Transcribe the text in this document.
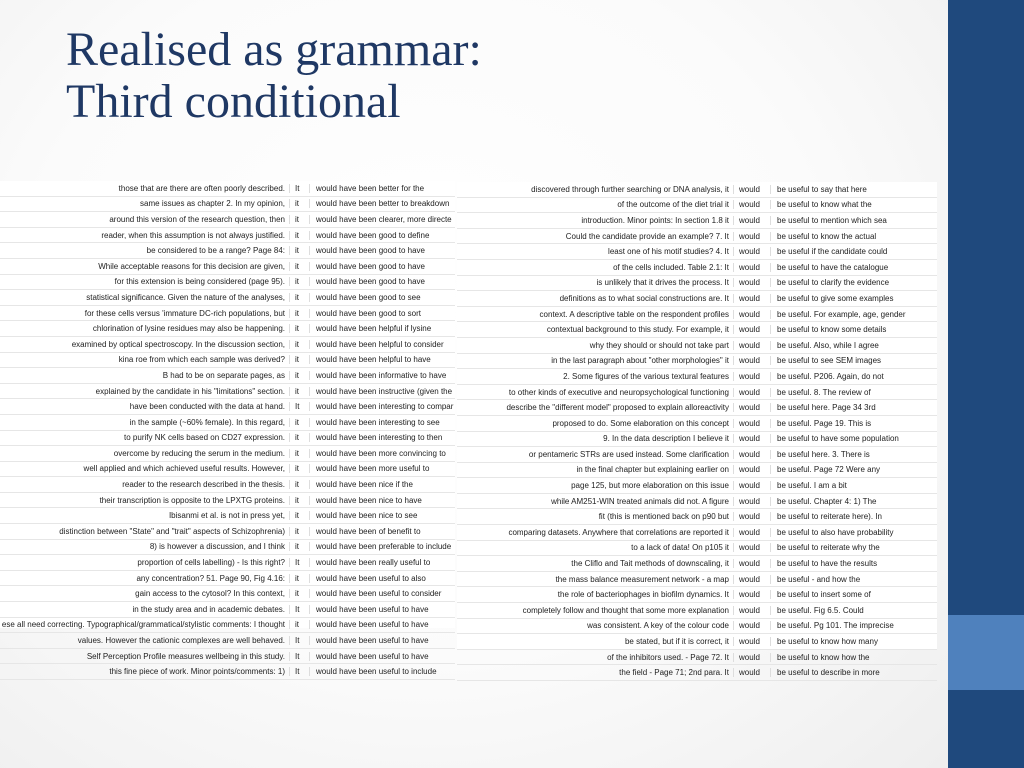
Realised as grammar:
Third conditional
those that are there are often poorly described.	It	would have been better for the
same issues as chapter 2. In my opinion,	it	would have been better to breakdown
around this version of the research question, then	it	would have been clearer, more directe
reader, when this assumption is not always justified.	it	would have been good to define
be considered to be a range? Page 84:	it	would have been good to have
While acceptable reasons for this decision are given,	it	would have been good to have
for this extension is being considered (page 95).	it	would have been good to have
statistical significance. Given the nature of the analyses,	it	would have been good to see
for these cells versus 'immature DC-rich populations, but	it	would have been good to sort
chlorination of lysine residues may also be happening.	it	would have been helpful if lysine
examined by optical spectroscopy. In the discussion section,	it	would have been helpful to consider
kina roe from which each sample was derived?	it	would have been helpful to have
B had to be on separate pages, as	it	would have been informative to have
explained by the candidate in his "limitations" section.	it	would have been instructive (given the
have been conducted with the data at hand.	It	would have been interesting to compar
in the sample (~60% female). In this regard,	it	would have been interesting to see
to purify NK cells based on CD27 expression.	it	would have been interesting to then
overcome by reducing the serum in the medium.	it	would have been more convincing to
well applied and which achieved useful results. However,	it	would have been more useful to
reader to the research described in the thesis.	it	would have been nice if the
their transcription is opposite to the LPXTG proteins.	it	would have been nice to have
Ibisanmi et al. is not in press yet,	it	would have been nice to see
distinction between "State" and "trait" aspects of Schizophrenia)	it	would have been of benefit to
8) is however a discussion, and I think	it	would have been preferable to include
proportion of cells labelling) - Is this right?	It	would have been really useful to
any concentration? 51. Page 90, Fig 4.16:	it	would have been useful to also
gain access to the cytosol? In this context,	it	would have been useful to consider
in the study area and in academic debates.	It	would have been useful to have
ese all need correcting. Typographical/grammatical/stylistic comments: I thought	it	would have been useful to have
values. However the cationic complexes are well behaved.	It	would have been useful to have
Self Perception Profile measures wellbeing in this study.	It	would have been useful to have
this fine piece of work. Minor points/comments: 1)	It	would have been useful to include
discovered through further searching or DNA analysis, it	would	be useful to say that here
of the outcome of the diet trial it	would	be useful to know what the
introduction. Minor points: In section 1.8 it	would	be useful to mention which sea
Could the candidate provide an example? 7. It	would	be useful to know the actual
least one of his motif studies? 4. It	would	be useful if the candidate could
of the cells included. Table 2.1: It	would	be useful to have the catalogue
is unlikely that it drives the process. It	would	be useful to clarify the evidence
definitions as to what social constructions are. It	would	be useful to give some examples
context. A descriptive table on the respondent profiles	would	be useful. For example, age, gender
contextual background to this study. For example, it	would	be useful to know some details
why they should or should not take part	would	be useful. Also, while I agree
in the last paragraph about "other morphologies" it	would	be useful to see SEM images
2. Some figures of the various textural features	would	be useful. P206. Again, do not
to other kinds of executive and neuropsychological functioning	would	be useful. 8. The review of
describe the "different model" proposed to explain alloreactivity	would	be useful here. Page 34 3rd
proposed to do. Some elaboration on this concept	would	be useful. Page 19. This is
9. In the data description I believe it	would	be useful to have some population
or pentameric STRs are used instead. Some clarification	would	be useful here. 3. There is
in the final chapter but explaining earlier on	would	be useful. Page 72 Were any
page 125, but more elaboration on this issue	would	be useful. I am a bit
while AM251-WIN treated animals did not. A figure	would	be useful. Chapter 4: 1) The
fit (this is mentioned back on p90 but	would	be useful to reiterate here). In
comparing datasets. Anywhere that correlations are reported it	would	be useful to also have probability
to a lack of data! On p105 it	would	be useful to reiterate why the
the Cliflo and Tait methods of downscaling, it	would	be useful to have the results
the mass balance measurement network - a map	would	be useful - and how the
the role of bacteriophages in biofilm dynamics. It	would	be useful to insert some of
completely follow and thought that some more explanation	would	be useful. Fig 6.5. Could
was consistent. A key of the colour code	would	be useful. Pg 101. The imprecise
be stated, but if it is correct, it	would	be useful to know how many
of the inhibitors used. - Page 72. It	would	be useful to know how the
the field - Page 71; 2nd para. It	would	be useful to describe in more
